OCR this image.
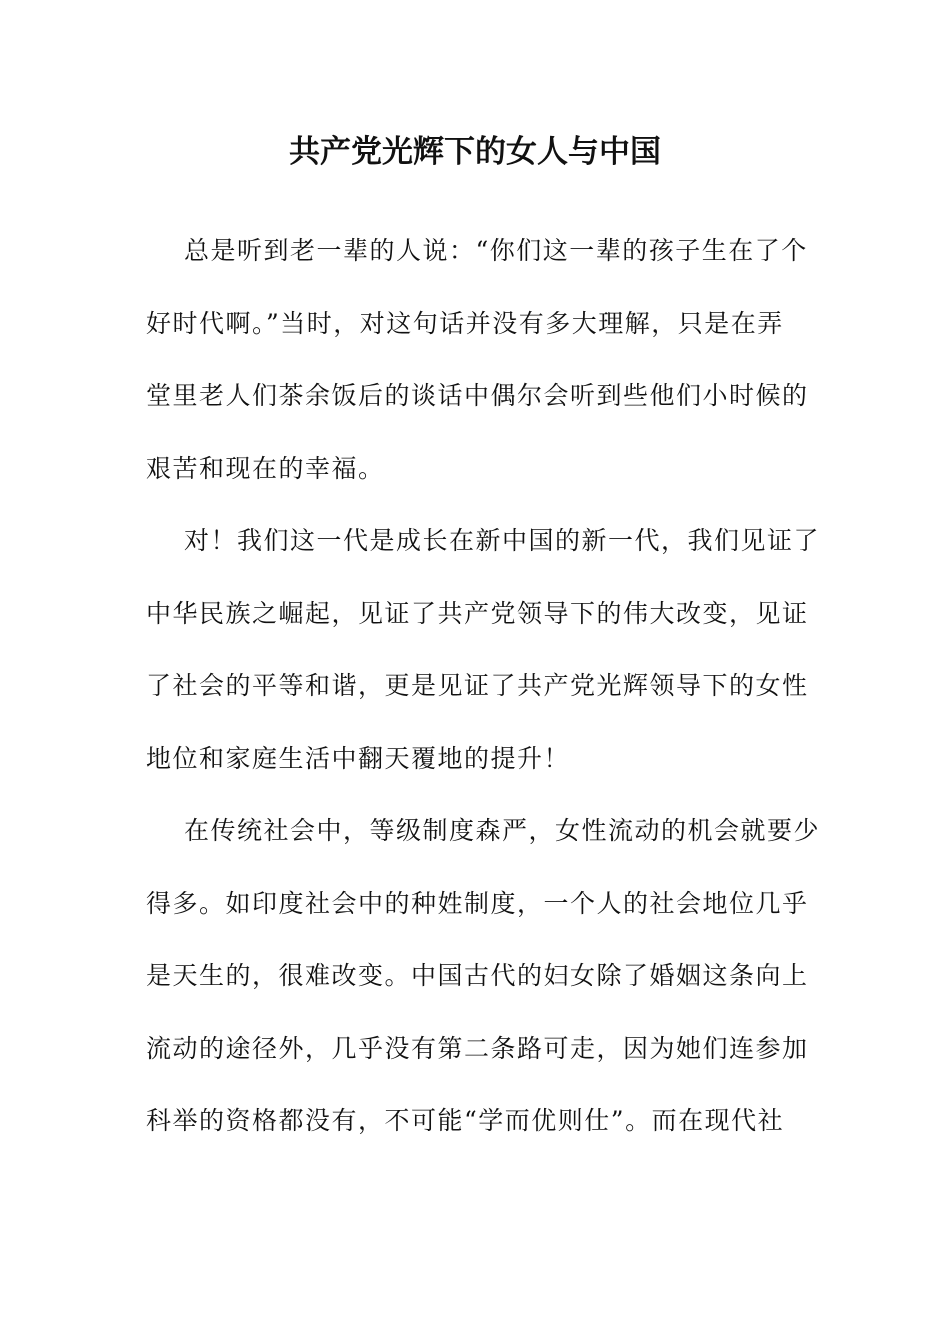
共产党光辉下的女人与中国
总是听到老一辈的人说：“你们这一辈的孩子生在了个
好时代啊。”当时，对这句话并没有多大理解，只是在弄
堂里老人们茶余饭后的谈话中偶尔会听到些他们小时候的
艰苦和现在的幸福。
对！我们这一代是成长在新中国的新一代，我们见证了
中华民族之崛起，见证了共产党领导下的伟大改变，见证
了社会的平等和谐，更是见证了共产党光辉领导下的女性
地位和家庭生活中翻天覆地的提升！
在传统社会中，等级制度森严，女性流动的机会就要少
得多。如印度社会中的种姓制度，一个人的社会地位几乎
是天生的，很难改变。中国古代的妇女除了婚姻这条向上
流动的途径外，几乎没有第二条路可走，因为她们连参加
科举的资格都没有，不可能“学而优则仕”。而在现代社
